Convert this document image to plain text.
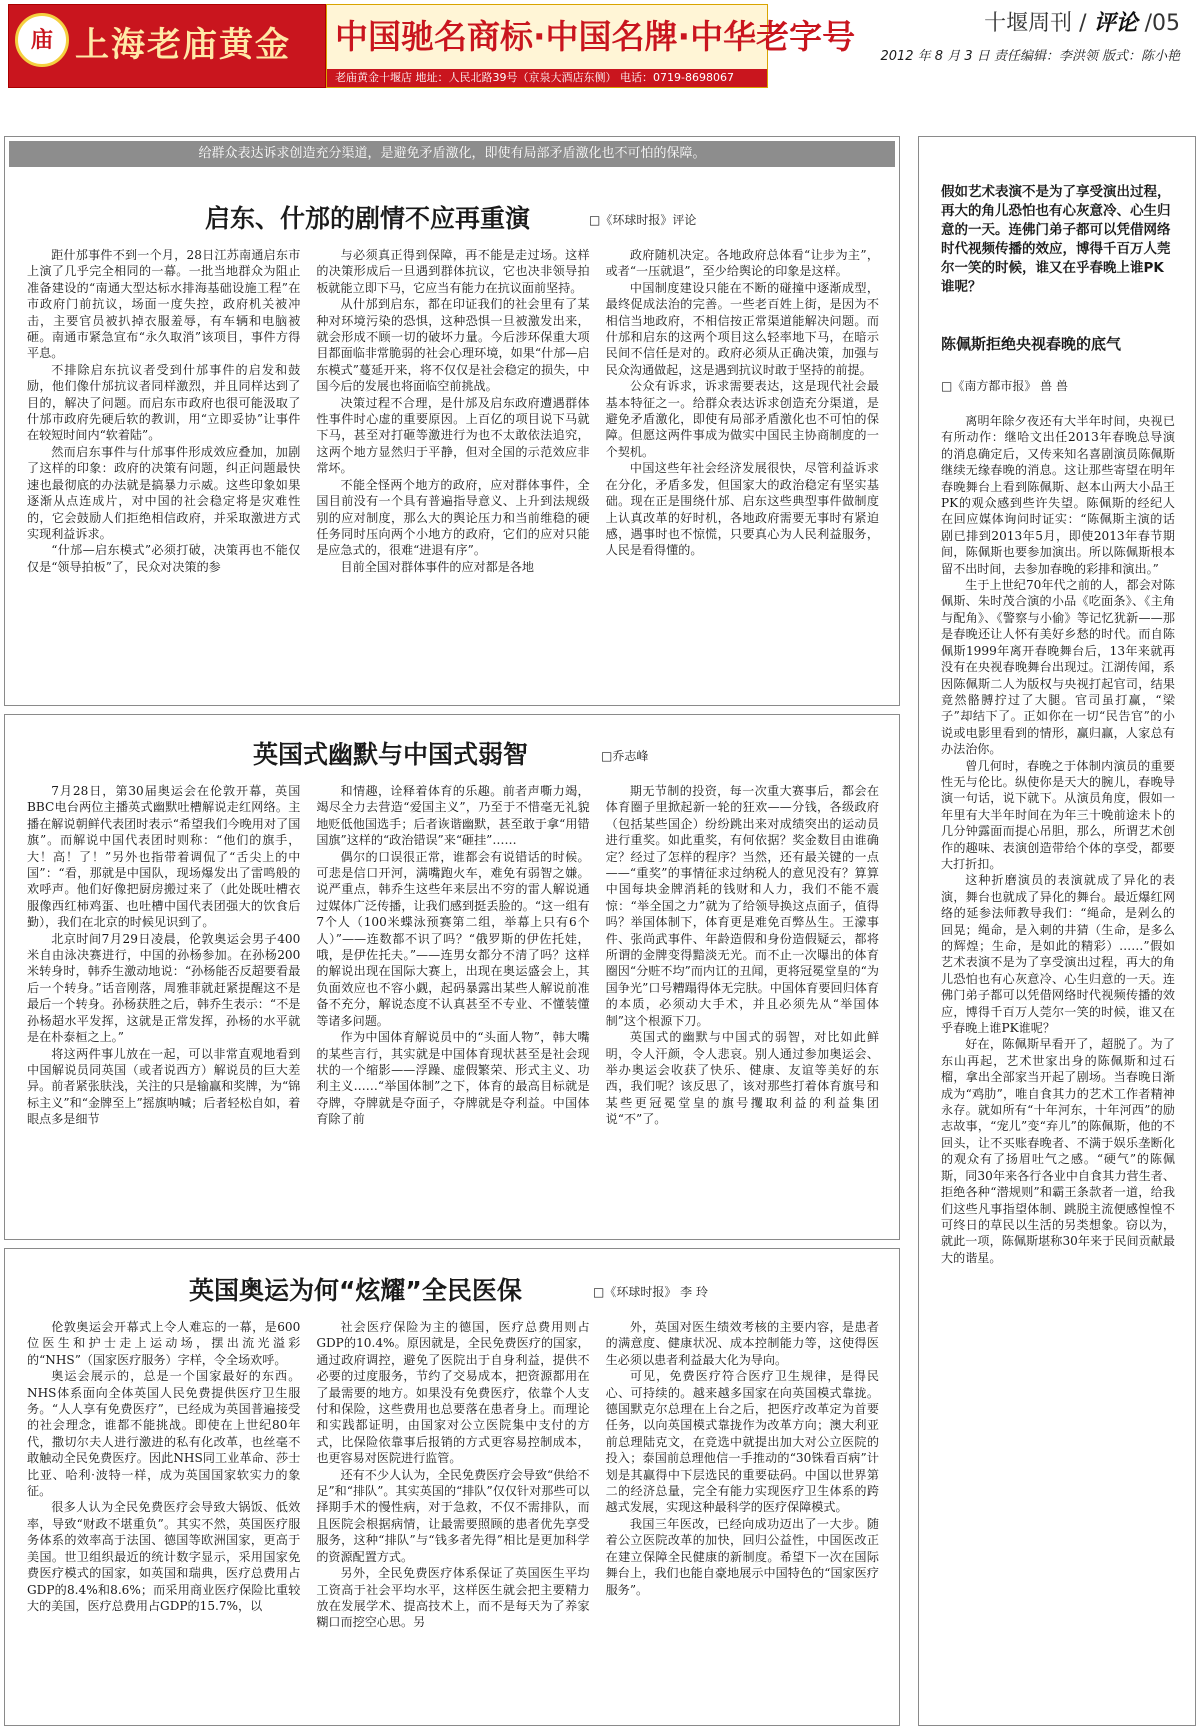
庙 上海老庙黄金 中国驰名商标·中国名牌·中华老字号
老庙黄金十堰店 地址：人民北路39号（京泉大酒店东侧） 电话：0719-8698067
十堰周刊 / 评论 /05
2012 年 8 月 3 日 责任编辑：李洪领 版式：陈小艳
给群众表达诉求创造充分渠道，是避免矛盾激化，即使有局部矛盾激化也不可怕的保障。
启东、什邡的剧情不应再重演	□《环球时报》评论

距什邡事件不到一个月，28日江苏南通启东市上演了几乎完全相同的一幕。一批当地群众为阻止准备建设的“南通大型达标水排海基础设施工程”在市政府门前抗议，场面一度失控，政府机关被冲击，主要官员被扒掉衣服羞辱，有车辆和电脑被砸。南通市紧急宣布“永久取消”该项目，事件方得平息。

不排除启东抗议者受到什邡事件的启发和鼓励，他们像什邡抗议者同样激烈，并且同样达到了目的，解决了问题。而启东市政府也很可能汲取了什邡市政府先硬后软的教训，用“立即妥协”让事件在较短时间内“软着陆”。

然而启东事件与什邡事件形成效应叠加，加剧了这样的印象：政府的决策有问题，纠正问题最快速也最彻底的办法就是搞暴力示威。这些印象如果逐渐从点连成片，对中国的社会稳定将是灾难性的，它会鼓励人们拒绝相信政府，并采取激进方式实现利益诉求。

“什邡—启东模式”必须打破，决策再也不能仅仅是“领导拍板”了，民众对决策的参

与必须真正得到保障，再不能是走过场。这样的决策形成后一旦遇到群体抗议，它也决非领导拍板就能立即下马，它应当有能力在抗议面前坚持。

从什邡到启东，都在印证我们的社会里有了某种对环境污染的恐惧，这种恐惧一旦被激发出来，就会形成不顾一切的破坏力量。今后涉环保重大项目都面临非常脆弱的社会心理环境，如果“什邡—启东模式”蔓延开来，将不仅仅是社会稳定的损失，中国今后的发展也将面临空前挑战。

决策过程不合理，是什邡及启东政府遭遇群体性事件时心虚的重要原因。上百亿的项目说下马就下马，甚至对打砸等激进行为也不太敢依法追究，这两个地方显然归于平静，但对全国的示范效应非常坏。

不能全怪两个地方的政府，应对群体事件，全国目前没有一个具有普遍指导意义、上升到法规级别的应对制度，那么大的舆论压力和当前维稳的硬任务同时压向两个小地方的政府，它们的应对只能是应急式的，很难“进退有序”。

目前全国对群体事件的应对都是各地

政府随机决定。各地政府总体看“让步为主”，或者“一压就退”，至少给舆论的印象是这样。

中国制度建设只能在不断的碰撞中逐渐成型，最终促成法治的完善。一些老百姓上街，是因为不相信当地政府，不相信按正常渠道能解决问题。而什邡和启东的这两个项目这么轻率地下马，在暗示民间不信任是对的。政府必须从正确决策，加强与民众沟通做起，这是遇到抗议时敢于坚持的前提。

公众有诉求，诉求需要表达，这是现代社会最基本特征之一。给群众表达诉求创造充分渠道，是避免矛盾激化，即使有局部矛盾激化也不可怕的保障。但愿这两件事成为做实中国民主协商制度的一个契机。

中国这些年社会经济发展很快，尽管利益诉求在分化，矛盾多发，但国家大的政治稳定有坚实基础。现在正是围绕什邡、启东这些典型事件做制度上认真改革的好时机，各地政府需要无事时有紧迫感，遇事时也不惊慌，只要真心为人民利益服务，人民是看得懂的。

英国式幽默与中国式弱智	□乔志峰

7月28日，第30届奥运会在伦敦开幕，英国BBC电台两位主播英式幽默吐槽解说走红网络。主播在解说朝鲜代表团时表示“希望我们今晚用对了国旗”。而解说中国代表团时则称：“他们的旗手，大！高！了！”另外也指带着调侃了“舌尖上的中国”：“看，那就是中国队，现场爆发出了雷鸣般的欢呼声。他们好像把厨房搬过来了（此处既吐槽衣服像西红柿鸡蛋、也吐槽中国代表团强大的饮食后勤），我们在北京的时候见识到了。

北京时间7月29日凌晨，伦敦奥运会男子400米自由泳决赛进行，中国的孙杨参加。在孙杨200米转身时，韩乔生激动地说：“孙杨能否反超要看最后一个转身。”话音刚落，周雅菲就赶紧提醒这不是最后一个转身。孙杨获胜之后，韩乔生表示：“不是孙杨超水平发挥，这就是正常发挥，孙杨的水平就是在朴泰桓之上。”

将这两件事儿放在一起，可以非常直观地看到中国解说员同英国（或者说西方）解说员的巨大差异。前者紧张肤浅，关注的只是输赢和奖牌，为“锦标主义”和“金牌至上”摇旗呐喊；后者轻松自如，着眼点多是细节

和情趣，诠释着体育的乐趣。前者声嘶力竭，竭尽全力去营造“爱国主义”，乃至于不惜毫无礼貌地贬低他国选手；后者诙谐幽默，甚至敢于拿“用错国旗”这样的“政治错误”来“砸挂”……

偶尔的口误很正常，谁都会有说错话的时候。可悲是信口开河，满嘴跑火车，难免有弱智之嫌。说严重点，韩乔生这些年来层出不穷的雷人解说通过媒体广泛传播，让我们感到挺丢脸的。“这一组有7个人（100米蝶泳预赛第二组，举幕上只有6个人）”——连数都不识了吗？“俄罗斯的伊佐托娃，哦，是伊佐托夫。”——连男女都分不清了吗？这样的解说出现在国际大赛上，出现在奥运盛会上，其负面效应也不容小觑，起码暴露出某些人解说前准备不充分，解说态度不认真甚至不专业、不懂装懂等诸多问题。

作为中国体育解说员中的“头面人物”，韩大嘴的某些言行，其实就是中国体育现状甚至是社会现状的一个缩影——浮躁、虚假繁荣、形式主义、功利主义……“举国体制”之下，体育的最高目标就是夺牌，夺牌就是夺面子，夺牌就是夺利益。中国体育除了前

期无节制的投资，每一次重大赛事后，都会在体育圈子里掀起新一轮的狂欢——分钱，各级政府（包括某些国企）纷纷跳出来对成绩突出的运动员进行重奖。如此重奖，有何依据？奖金数目由谁确定？经过了怎样的程序？当然，还有最关键的一点——“重奖”的事情征求过纳税人的意见没有？算算中国每块金牌消耗的钱财和人力，我们不能不震惊：“举全国之力”就为了给领导换这点面子，值得吗？举国体制下，体育更是难免百弊丛生。王濛事件、张尚武事件、年龄造假和身份造假疑云，都将所谓的金牌变得黯淡无光。而不止一次曝出的体育圈因“分赃不均”而内讧的丑闻，更将冠冕堂皇的“为国争光”口号糟蹋得体无完肤。中国体育要回归体育的本质，必须动大手术，并且必须先从“举国体制”这个根源下刀。

英国式的幽默与中国式的弱智，对比如此鲜明，令人汗颜，令人悲哀。别人通过参加奥运会、举办奥运会收获了快乐、健康、友谊等美好的东西，我们呢？该反思了，该对那些打着体育旗号和某些更冠冕堂皇的旗号攫取利益的利益集团说“不”了。

英国奥运为何“炫耀”全民医保	□《环球时报》 李 玲

伦敦奥运会开幕式上令人难忘的一幕，是600位医生和护士走上运动场，摆出流光溢彩的“NHS”（国家医疗服务）字样，令全场欢呼。

奥运会展示的，总是一个国家最好的东西。NHS体系面向全体英国人民免费提供医疗卫生服务。“人人享有免费医疗”，已经成为英国普遍接受的社会理念，谁都不能挑战。即使在上世纪80年代，撒切尔夫人进行激进的私有化改革，也丝毫不敢触动全民免费医疗。因此NHS同工业革命、莎士比亚、哈利·波特一样，成为英国国家软实力的象征。

很多人认为全民免费医疗会导致大锅饭、低效率，导致“财政不堪重负”。其实不然，英国医疗服务体系的效率高于法国、德国等欧洲国家，更高于美国。世卫组织最近的统计数字显示，采用国家免费医疗模式的国家，如英国和瑞典，医疗总费用占GDP的8.4%和8.6%；而采用商业医疗保险比重较大的美国，医疗总费用占GDP的15.7%，以

社会医疗保险为主的德国，医疗总费用则占GDP的10.4%。原因就是，全民免费医疗的国家，通过政府调控，避免了医院出于自身利益，提供不必要的过度服务，节约了交易成本，把资源都用在了最需要的地方。如果没有免费医疗，依靠个人支付和保险，这些费用也总要落在患者身上。而理论和实践都证明，由国家对公立医院集中支付的方式，比保险依靠事后报销的方式更容易控制成本，也更容易对医院进行监管。

还有不少人认为，全民免费医疗会导致“供给不足”和“排队”。其实英国的“排队”仅仅针对那些可以择期手术的慢性病，对于急救，不仅不需排队，而且医院会根据病情，让最需要照顾的患者优先享受服务，这种“排队”与“钱多者先得”相比是更加科学的资源配置方式。

另外，全民免费医疗体系保证了英国医生平均工资高于社会平均水平，这样医生就会把主要精力放在发展学术、提高技术上，而不是每天为了养家糊口而挖空心思。另

外，英国对医生绩效考核的主要内容，是患者的满意度、健康状况、成本控制能力等，这使得医生必须以患者利益最大化为导向。

可见，免费医疗符合医疗卫生规律，是得民心、可持续的。越来越多国家在向英国模式靠拢。德国默克尔总理在上台之后，把医疗改革定为首要任务，以向英国模式靠拢作为改革方向；澳大利亚前总理陆克文，在竞选中就提出加大对公立医院的投入；泰国前总理他信一手推动的“30铢看百病”计划是其赢得中下层选民的重要砝码。中国以世界第二的经济总量，完全有能力实现医疗卫生体系的跨越式发展，实现这种最科学的医疗保障模式。

我国三年医改，已经向成功迈出了一大步。随着公立医院改革的加快，回归公益性，中国医改正在建立保障全民健康的新制度。希望下一次在国际舞台上，我们也能自豪地展示中国特色的“国家医疗服务”。

假如艺术表演不是为了享受演出过程，再大的角儿恐怕也有心灰意冷、心生归意的一天。连佛门弟子都可以凭借网络时代视频传播的效应，博得千百万人莞尔一笑的时候，谁又在乎春晚上谁PK谁呢？
陈佩斯拒绝央视春晚的底气
□《南方都市报》 兽 兽

离明年除夕夜还有大半年时间，央视已有所动作：继哈文出任2013年春晚总导演的消息确定后，又传来知名喜剧演员陈佩斯继续无缘春晚的消息。这让那些寄望在明年春晚舞台上看到陈佩斯、赵本山两大小品王PK的观众感到些许失望。陈佩斯的经纪人在回应媒体询问时证实：“陈佩斯主演的话剧已排到2013年5月，即使2013年春节期间，陈佩斯也要参加演出。所以陈佩斯根本留不出时间，去参加春晚的彩排和演出。”

生于上世纪70年代之前的人，都会对陈佩斯、朱时茂合演的小品《吃面条》、《主角与配角》、《警察与小偷》等记忆犹新——那是春晚还让人怀有美好乡愁的时代。而自陈佩斯1999年离开春晚舞台后，13年来就再没有在央视春晚舞台出现过。江湖传闻，系因陈佩斯二人为版权与央视打起官司，结果竟然骼膊拧过了大腿。官司虽打赢，“梁子”却结下了。正如你在一切“民告官”的小说或电影里看到的情形，赢归赢，人家总有办法治你。

曾几何时，春晚之于体制内演员的重要性无与伦比。纵使你是天大的腕儿，春晚导演一句话，说下就下。从演员角度，假如一年里有大半年时间在为年三十晚前途未卜的几分钟露面而提心吊胆，那么，所谓艺术创作的趣味、表演创造带给个体的享受，都要大打折扣。

这种折磨演员的表演就成了异化的表演，舞台也就成了异化的舞台。最近爆红网络的延参法师教导我们：“绳命，是剁么的回晃；绳命，是入刺的井猜（生命，是多么的辉煌；生命，是如此的精彩）……”假如艺术表演不是为了享受演出过程，再大的角儿恐怕也有心灰意冷、心生归意的一天。连佛门弟子都可以凭借网络时代视频传播的效应，博得千百万人莞尔一笑的时候，谁又在乎春晚上谁PK谁呢？

好在，陈佩斯早看开了，超脱了。为了东山再起，艺术世家出身的陈佩斯和过石榴，拿出全部家当开起了剧场。当春晚日渐成为“鸡肋”，唯自食其力的艺术工作者精神永存。就如所有“十年河东，十年河西”的励志故事，“宠儿”变“弃儿”的陈佩斯，他的不回头，让不买账春晚者、不满于娱乐垄断化的观众有了扬眉吐气之感。“硬气”的陈佩斯，同30年来各行各业中自食其力营生者、拒绝各种“潜规则”和霸王条款者一道，给我们这些凡事指望体制、跳脱主流便感惶惶不可终日的草民以生活的另类想象。窃以为，就此一项，陈佩斯堪称30年来于民间贡献最大的谐星。
